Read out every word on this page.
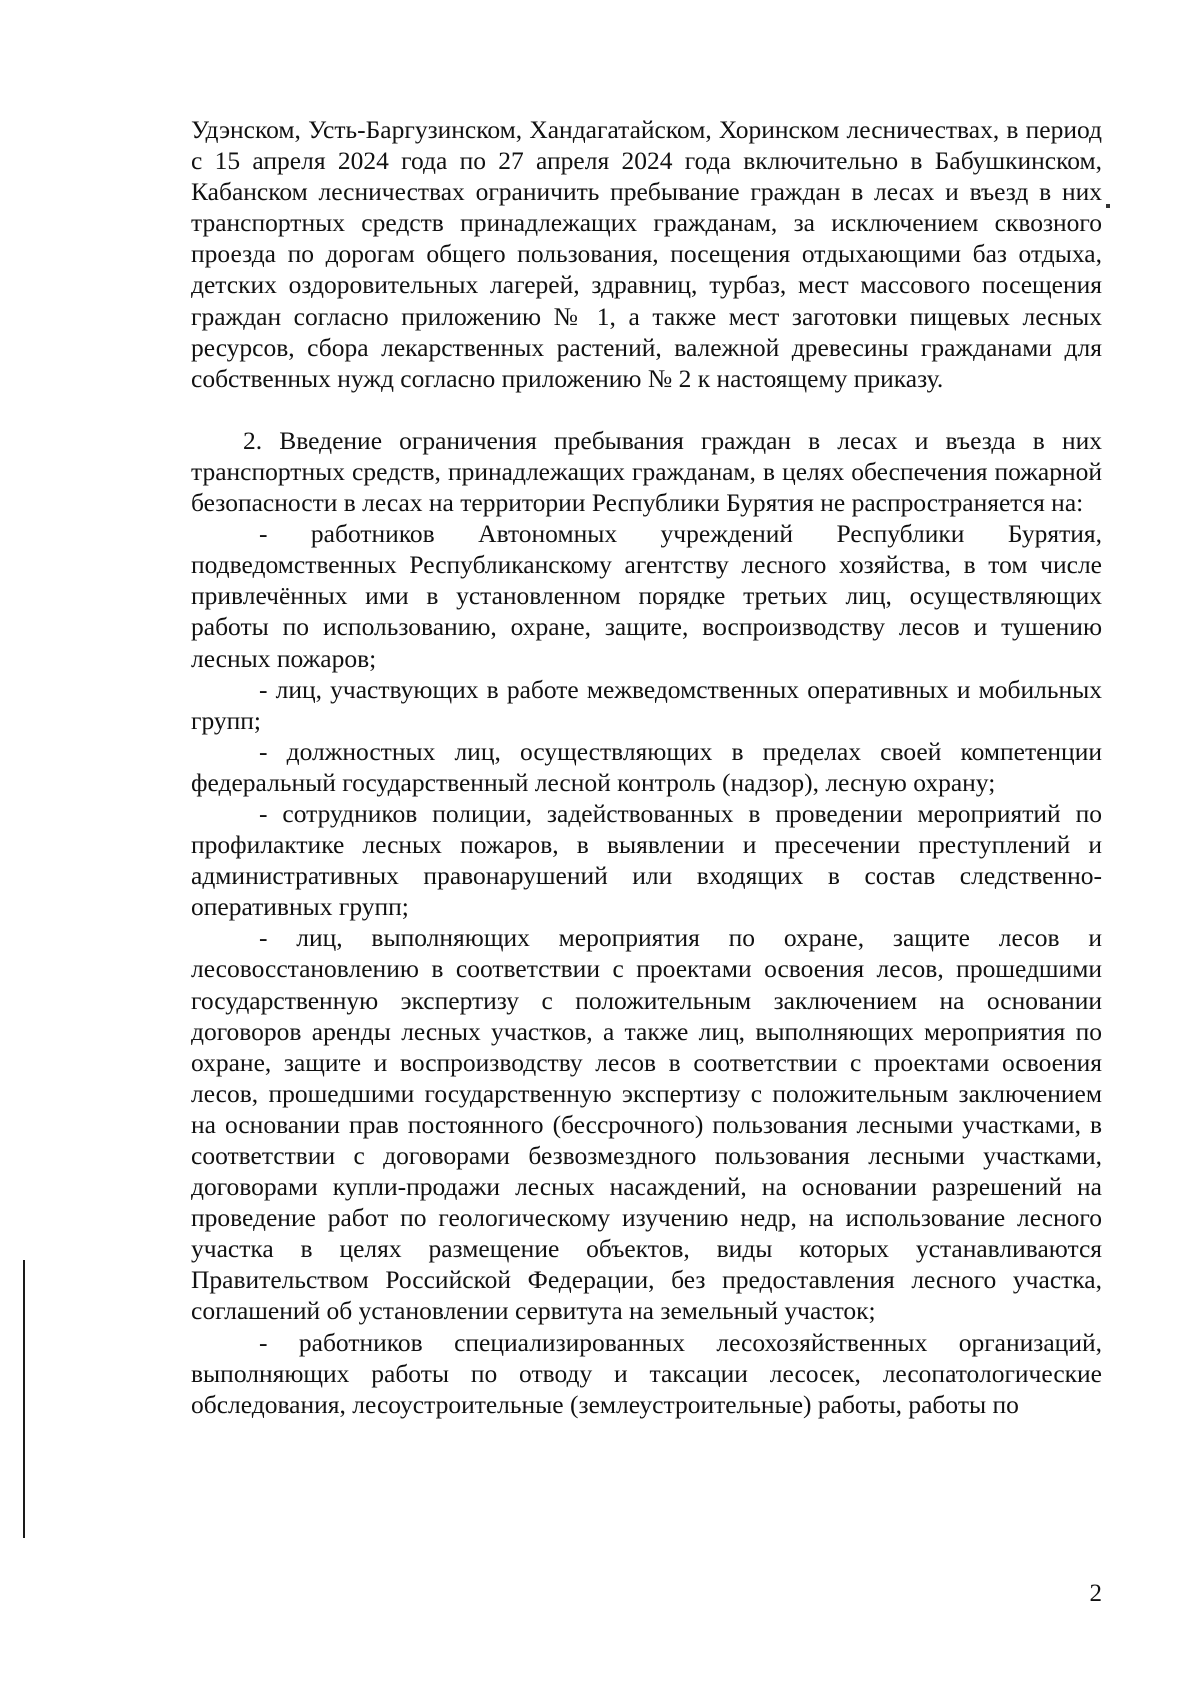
Удэнском, Усть-Баргузинском, Хандагатайском, Хоринском лесничествах, в период с 15 апреля 2024 года по 27 апреля 2024 года включительно в Бабушкинском, Кабанском лесничествах ограничить пребывание граждан в лесах и въезд в них транспортных средств принадлежащих гражданам, за исключением сквозного проезда по дорогам общего пользования, посещения отдыхающими баз отдыха, детских оздоровительных лагерей, здравниц, турбаз, мест массового посещения граждан согласно приложению № 1, а также мест заготовки пищевых лесных ресурсов, сбора лекарственных растений, валежной древесины гражданами для собственных нужд согласно приложению № 2 к настоящему приказу.

2. Введение ограничения пребывания граждан в лесах и въезда в них транспортных средств, принадлежащих гражданам, в целях обеспечения пожарной безопасности в лесах на территории Республики Бурятия не распространяется на:

- работников Автономных учреждений Республики Бурятия, подведомственных Республиканскому агентству лесного хозяйства, в том числе привлечённых ими в установленном порядке третьих лиц, осуществляющих работы по использованию, охране, защите, воспроизводству лесов и тушению лесных пожаров;

- лиц, участвующих в работе межведомственных оперативных и мобильных групп;

- должностных лиц, осуществляющих в пределах своей компетенции федеральный государственный лесной контроль (надзор), лесную охрану;

- сотрудников полиции, задействованных в проведении мероприятий по профилактике лесных пожаров, в выявлении и пресечении преступлений и административных правонарушений или входящих в состав следственно-оперативных групп;

- лиц, выполняющих мероприятия по охране, защите лесов и лесовосстановлению в соответствии с проектами освоения лесов, прошедшими государственную экспертизу с положительным заключением на основании договоров аренды лесных участков, а также лиц, выполняющих мероприятия по охране, защите и воспроизводству лесов в соответствии с проектами освоения лесов, прошедшими государственную экспертизу с положительным заключением на основании прав постоянного (бессрочного) пользования лесными участками, в соответствии с договорами безвозмездного пользования лесными участками, договорами купли-продажи лесных насаждений, на основании разрешений на проведение работ по геологическому изучению недр, на использование лесного участка в целях размещение объектов, виды которых устанавливаются Правительством Российской Федерации, без предоставления лесного участка, соглашений об установлении сервитута на земельный участок;

- работников специализированных лесохозяйственных организаций, выполняющих работы по отводу и таксации лесосек, лесопатологические обследования, лесоустроительные (землеустроительные) работы, работы по

2
